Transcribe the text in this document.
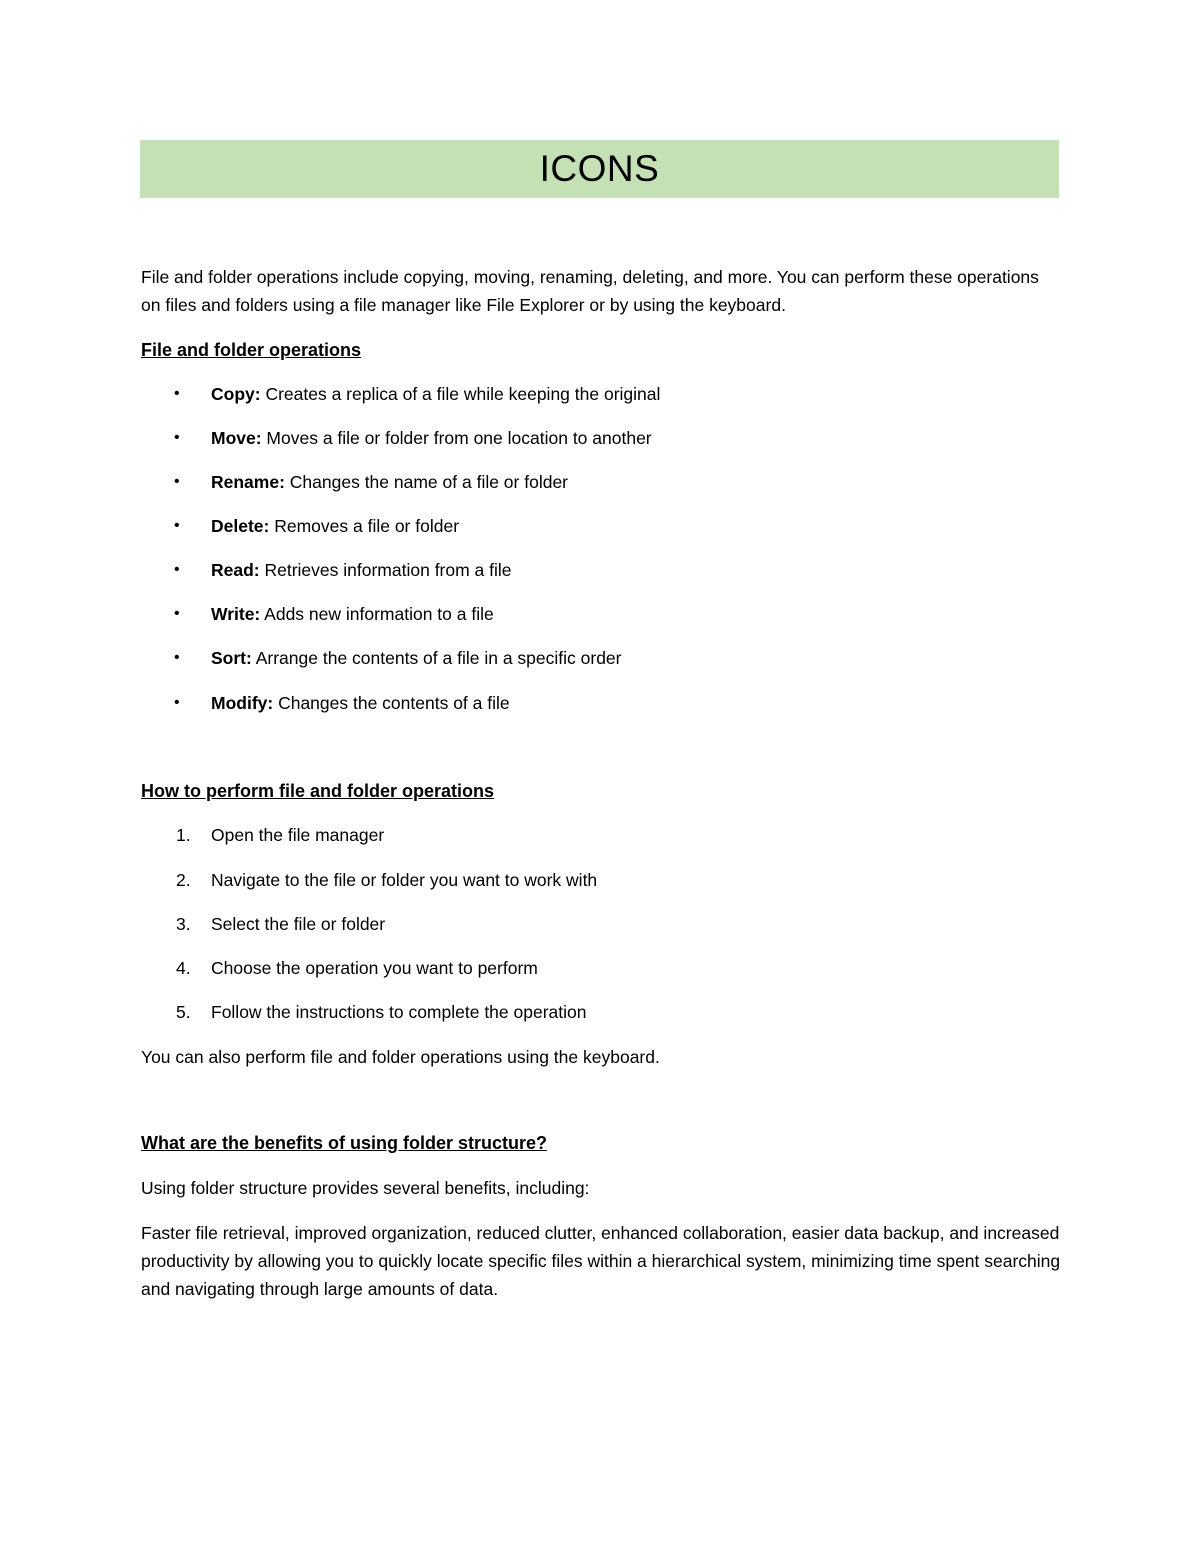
ICONS
File and folder operations include copying, moving, renaming, deleting, and more. You can perform these operations on files and folders using a file manager like File Explorer or by using the keyboard.
File and folder operations
• Copy: Creates a replica of a file while keeping the original
• Move: Moves a file or folder from one location to another
• Rename: Changes the name of a file or folder
• Delete: Removes a file or folder
• Read: Retrieves information from a file
• Write: Adds new information to a file
• Sort: Arrange the contents of a file in a specific order
• Modify: Changes the contents of a file
How to perform file and folder operations
1. Open the file manager
2. Navigate to the file or folder you want to work with
3. Select the file or folder
4. Choose the operation you want to perform
5. Follow the instructions to complete the operation
You can also perform file and folder operations using the keyboard.
What are the benefits of using folder structure?
Using folder structure provides several benefits, including:
Faster file retrieval, improved organization, reduced clutter, enhanced collaboration, easier data backup, and increased productivity by allowing you to quickly locate specific files within a hierarchical system, minimizing time spent searching and navigating through large amounts of data.
